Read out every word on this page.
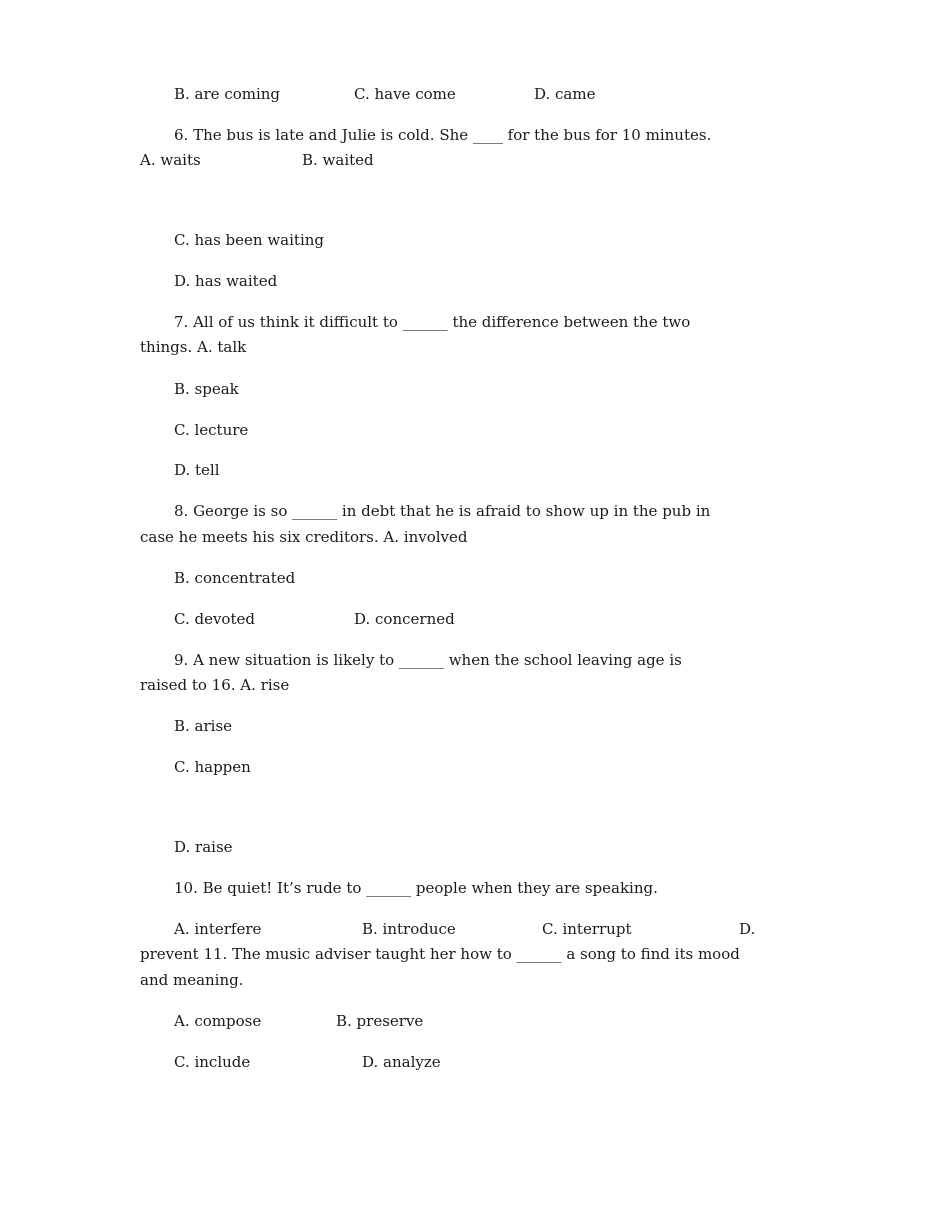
B. are coming	C. have come	D. came
6. The bus is late and Julie is cold. She ____ for the bus for 10 minutes.
A. waits	B. waited
C. has been waiting
D. has waited
7. All of us think it difficult to ______ the difference between the two
things. A. talk
B. speak
C. lecture
D. tell
8. George is so ______ in debt that he is afraid to show up in the pub in
case he meets his six creditors. A. involved
B. concentrated
C. devoted	D. concerned
9. A new situation is likely to ______ when the school leaving age is
raised to 16. A. rise
B. arise
C. happen
D. raise
10. Be quiet! It’s rude to ______ people when they are speaking.
A. interfere	B. introduce	C. interrupt	D.
prevent 11. The music adviser taught her how to ______ a song to find its mood
and meaning.
A. compose	B. preserve
C. include	D. analyze
